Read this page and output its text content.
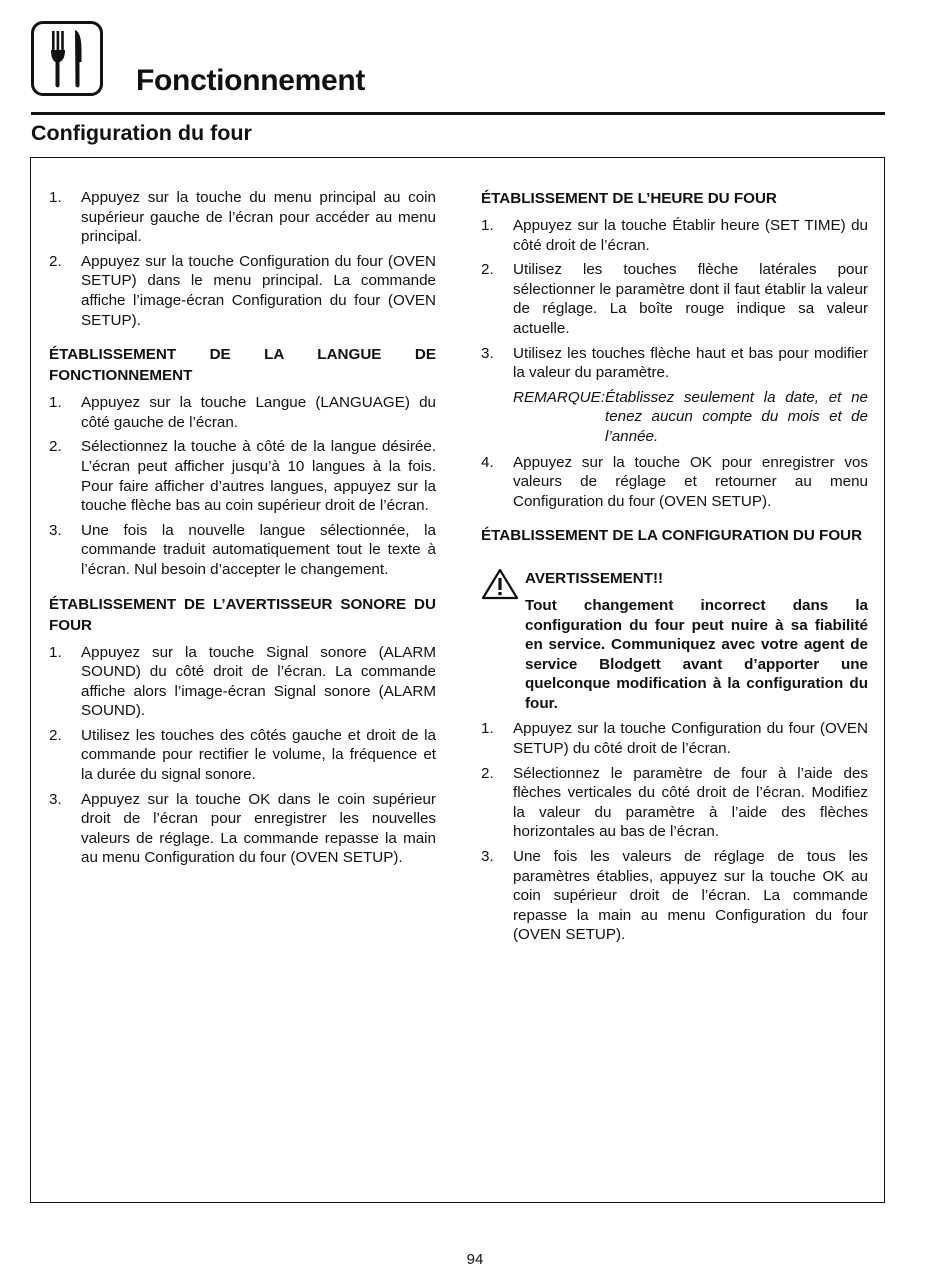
Fonctionnement
Configuration du four
1.	Appuyez sur la touche du menu principal au coin supérieur gauche de l’écran pour accéder au menu principal.
2.	Appuyez sur la touche Configuration du four (OVEN SETUP) dans le menu principal. La commande affiche l’image-écran Configuration du four (OVEN SETUP).
ÉTABLISSEMENT DE LA LANGUE DE FONCTIONNEMENT
1.	Appuyez sur la touche Langue (LANGUAGE) du côté gauche de l’écran.
2.	Sélectionnez la touche à côté de la langue désirée. L’écran peut afficher jusqu’à 10 langues à la fois. Pour faire afficher d’autres langues, appuyez sur la touche flèche bas au coin supérieur droit de l’écran.
3.	Une fois la nouvelle langue sélectionnée, la commande traduit automatiquement tout le texte à l’écran. Nul besoin d’accepter le changement.
ÉTABLISSEMENT DE L’AVERTISSEUR SONORE DU FOUR
1.	Appuyez sur la touche Signal sonore (ALARM SOUND) du côté droit de l’écran. La commande affiche alors l’image-écran Signal sonore (ALARM SOUND).
2.	Utilisez les touches des côtés gauche et droit de la commande pour rectifier le volume, la fréquence et la durée du signal sonore.
3.	Appuyez sur la touche OK dans le coin supérieur droit de l’écran pour enregistrer les nouvelles valeurs de réglage. La commande repasse la main au menu Configuration du four (OVEN SETUP).
ÉTABLISSEMENT DE L’HEURE DU FOUR
1.	Appuyez sur la touche Établir heure (SET TIME) du côté droit de l’écran.
2.	Utilisez les touches flèche latérales pour sélectionner le paramètre dont il faut établir la valeur de réglage. La boîte rouge indique sa valeur actuelle.
3.	Utilisez les touches flèche haut et bas pour modifier la valeur du paramètre.
REMARQUE: Établissez seulement la date, et ne tenez aucun compte du mois et de l’année.
4.	Appuyez sur la touche OK pour enregistrer vos valeurs de réglage et retourner au menu Configuration du four (OVEN SETUP).
ÉTABLISSEMENT DE LA CONFIGURATION DU FOUR
AVERTISSEMENT!!
Tout changement incorrect dans la configuration du four peut nuire à sa fiabilité en service. Communiquez avec votre agent de service Blodgett avant d’apporter une quelconque modification à la configuration du four.
1.	Appuyez sur la touche Configuration du four (OVEN SETUP) du côté droit de l’écran.
2.	Sélectionnez le paramètre de four à l’aide des flèches verticales du côté droit de l’écran. Modifiez la valeur du paramètre à l’aide des flèches horizontales au bas de l’écran.
3.	Une fois les valeurs de réglage de tous les paramètres établies, appuyez sur la touche OK au coin supérieur droit de l’écran. La commande repasse la main au menu Configuration du four (OVEN SETUP).
94
